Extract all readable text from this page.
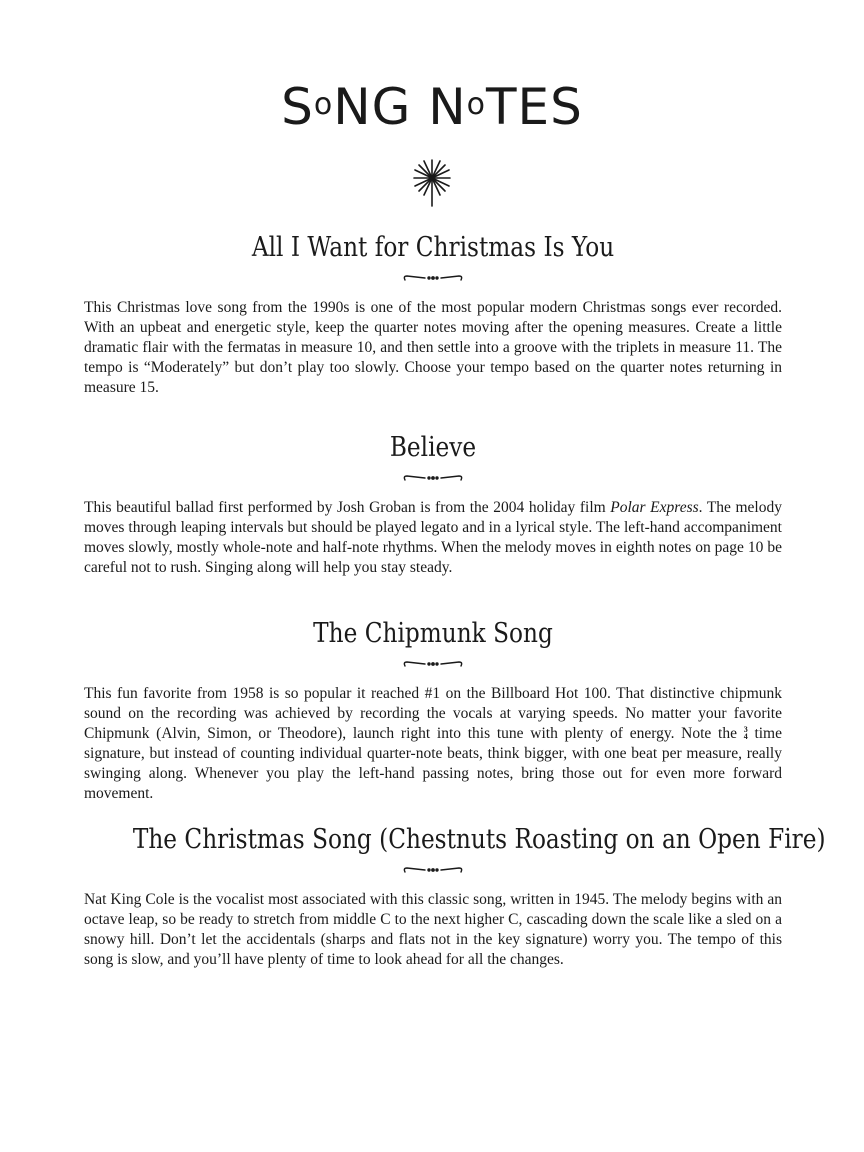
$S^oNG$ $N^oTES$
All I Want for Christmas Is You

This Christmas love song from the 1990s is one of the most popular modern Christmas songs ever recorded. With an upbeat and energetic style, keep the quarter notes moving after the opening measures. Create a little dramatic flair with the fermatas in measure 10, and then settle into a groove with the triplets in measure 11. The tempo is “Moderately” but don’t play too slowly. Choose your tempo based on the quarter notes returning in measure 15.

Believe

This beautiful ballad first performed by Josh Groban is from the 2004 holiday film Polar Express. The melody moves through leaping intervals but should be played legato and in a lyrical style. The left-hand accompaniment moves slowly, mostly whole-note and half-note rhythms. When the melody moves in eighth notes on page 10 be careful not to rush. Singing along will help you stay steady.

The Chipmunk Song

This fun favorite from 1958 is so popular it reached #1 on the Billboard Hot 100. That distinctive chipmunk sound on the recording was achieved by recording the vocals at varying speeds. No matter your favorite Chipmunk (Alvin, Simon, or Theodore), launch right into this tune with plenty of energy. Note the 3
4 time signature, but instead of counting individual quarter-note beats, think bigger, with one beat per measure, really swinging along. Whenever you play the left-hand passing notes, bring those out for even more forward movement.

The Christmas Song (Chestnuts Roasting on an Open Fire)

Nat King Cole is the vocalist most associated with this classic song, written in 1945. The melody begins with an octave leap, so be ready to stretch from middle C to the next higher C, cascading down the scale like a sled on a snowy hill. Don’t let the accidentals (sharps and flats not in the key signature) worry you. The tempo of this song is slow, and you’ll have plenty of time to look ahead for all the changes.
